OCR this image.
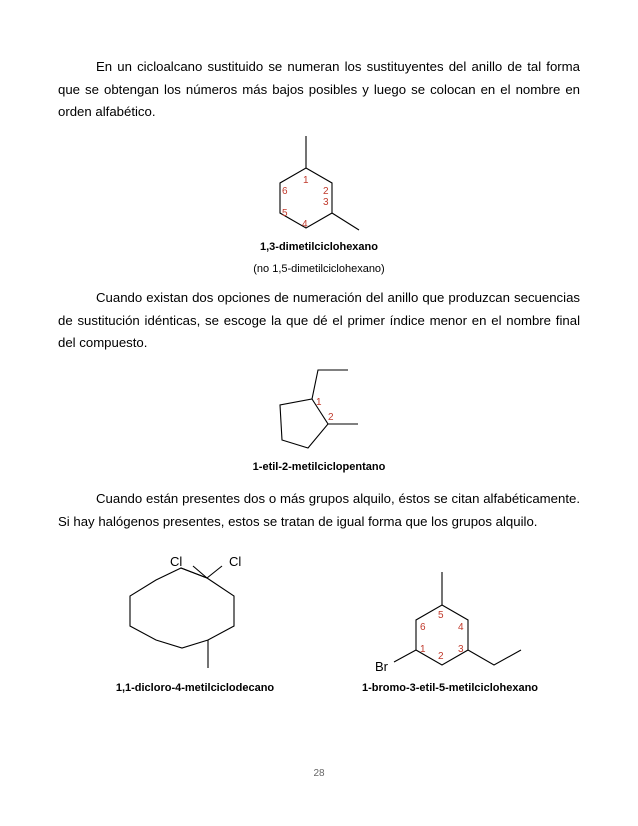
En un cicloalcano sustituido se numeran los sustituyentes del anillo de tal forma que se obtengan los números más bajos posibles y luego se colocan en el nombre en orden alfabético.

1
2
3
4
5
6
1,3-dimetilciclohexano
(no 1,5-dimetilciclohexano)

Cuando existan dos opciones de numeración del anillo que produzcan secuencias de sustitución idénticas, se escoge la que dé el primer índice menor en el nombre final del compuesto.

1
2
1-etil-2-metilciclopentano

Cuando están presentes dos o más grupos alquilo, éstos se citan alfabéticamente. Si hay halógenos presentes, estos se tratan de igual forma que los grupos alquilo.

Cl	Cl
1,1-dicloro-4-metilciclodecano
5
4
3
2
1
6
Br
1-bromo-3-etil-5-metilciclohexano
28
